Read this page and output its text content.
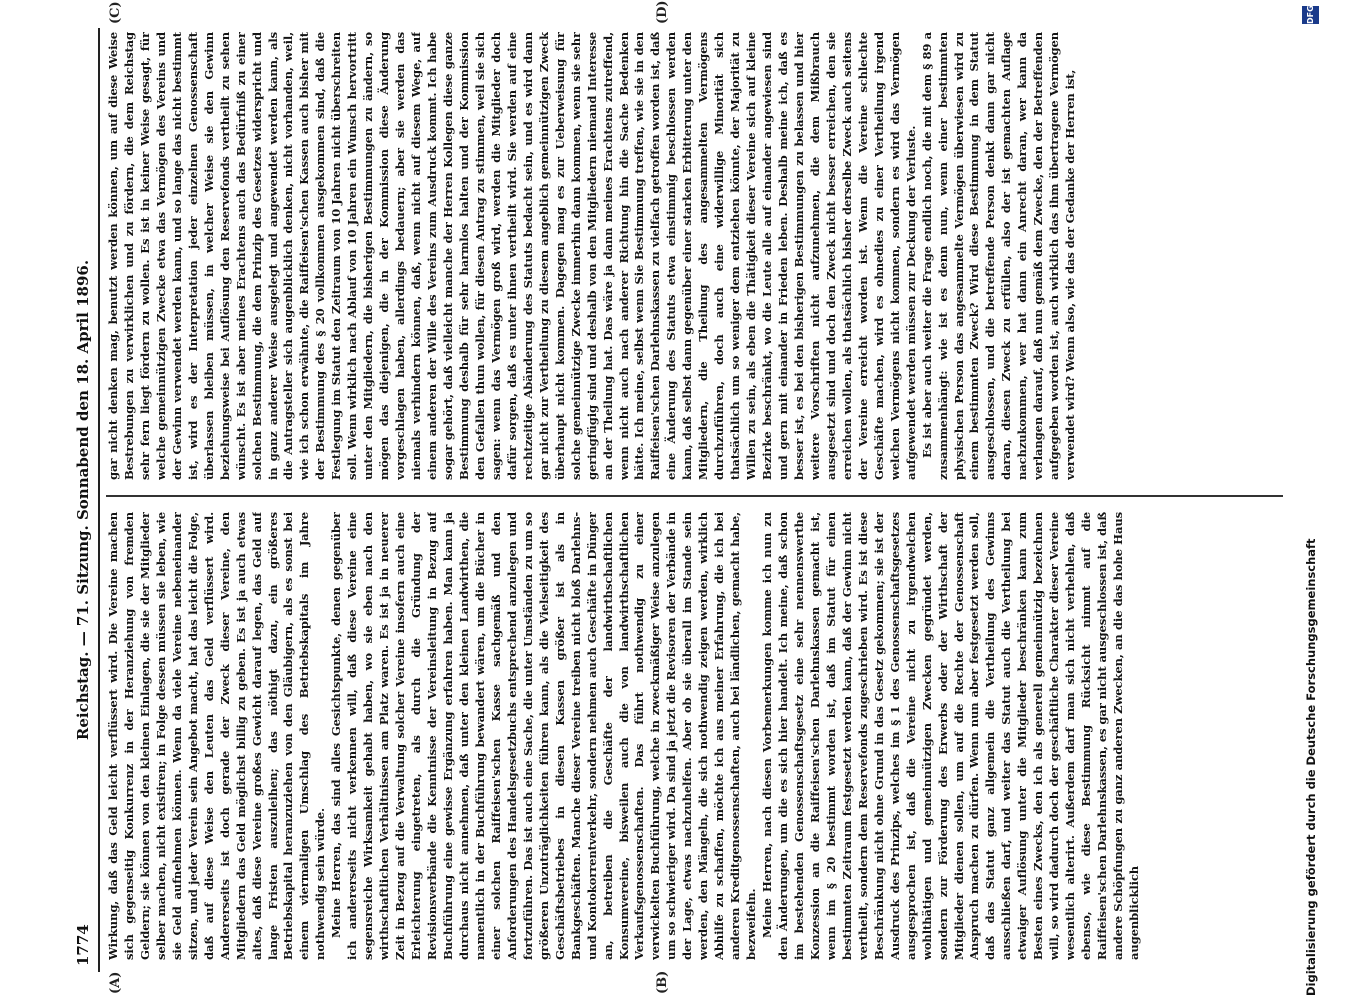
1774
Reichstag. — 71. Sitzung. Sonnabend den 18. April 1896.
(A)	(B)
(C)	(D)

Wirkung, daß das Geld leicht verflüssert wird. Die Vereine machen sich gegenseitig Konkurrenz in der Heranziehung von fremden Geldern; sie können von den kleinen Einlagen, die sie der Mitglieder selber machen, nicht existiren; in Folge dessen müssen sie leben, wie sie Geld aufnehmen können. Wenn da viele Vereine nebeneinander sitzen, und jeder Verein sein Angebot macht, hat das leicht die Folge, daß auf diese Weise den Leuten das Geld verflüssert wird. Andererseits ist doch gerade der Zweck dieser Vereine, den Mitgliedern das Geld möglichst billig zu geben. Es ist ja auch etwas altes, daß diese Vereine großes Gewicht darauf legen, das Geld auf lange Fristen auszuleihen; das nöthigt dazu, ein größeres Betriebskapital heranzuziehen von den Gläubigern, als es sonst bei einem viermaligen Umschlag des Betriebskapitals im Jahre nothwendig sein würde. Meine Herren, das sind alles Gesichtspunkte, denen gegenüber ich andererseits nicht verkennen will, daß diese Vereine eine segensreiche Wirksamkeit gehabt haben, wo sie eben nach den wirthschaftlichen Verhältnissen am Platz waren. Es ist ja in neuerer Zeit in Bezug auf die Verwaltung solcher Vereine insofern auch eine Erleichterung eingetreten, als durch die Gründung der Revisionsverbände die Kenntnisse der Vereinsleitung in Bezug auf Buchführung eine gewisse Ergänzung erfahren haben. Man kann ja durchaus nicht annehmen, daß unter den kleinen Landwirthen, die namentlich in der Buchführung bewandert wären, um die Bücher in einer solchen Raiffeisen'schen Kasse sachgemäß und den Anforderungen des Handelsgesetzbuchs entsprechend anzulegen und fortzuführen. Das ist auch eine Sache, die unter Umständen zu um so größeren Unzuträglichkeiten führen kann, als die Vielseitigkeit des Geschäftsbetriebes in diesen Kassen größer ist als in Bankgeschäften. Manche dieser Vereine treiben nicht bloß Darlehns- und Kontokorrentverkehr, sondern nehmen auch Geschäfte in Dünger an, betreiben die Geschäfte der landwirthschaftlichen Konsumvereine, bisweilen auch die von landwirthschaftlichen Verkaufsgenossenschaften. Das führt nothwendig zu einer verwickelten Buchführung, welche in zweckmäßiger Weise anzulegen um so schwieriger wird. Da sind ja jetzt die Revisoren der Verbände in der Lage, etwas nachzuhelfen. Aber ob sie überall im Stande sein werden, den Mängeln, die sich nothwendig zeigen werden, wirklich Abhilfe zu schaffen, möchte ich aus meiner Erfahrung, die ich bei anderen Kreditgenossenschaften, auch bei ländlichen, gemacht habe, bezweifeln. Meine Herren, nach diesen Vorbemerkungen komme ich nun zu den Änderungen, um die es sich hier handelt. Ich meine, daß schon im bestehenden Genossenschaftsgesetz eine sehr nennenswerthe Konzession an die Raiffeisen'schen Darlehnskassen gemacht ist, wenn im § 20 bestimmt worden ist, daß im Statut für einen bestimmten Zeitraum festgesetzt werden kann, daß der Gewinn nicht vertheilt, sondern dem Reservefonds zugeschrieben wird. Es ist diese Beschränkung nicht ohne Grund in das Gesetz gekommen; sie ist der Ausdruck des Prinzips, welches im § 1 des Genossenschaftsgesetzes ausgesprochen ist, daß die Vereine nicht zu irgendwelchen wohlthätigen und gemeinnützigen Zwecken gegründet werden, sondern zur Förderung des Erwerbs oder der Wirthschaft der Mitglieder dienen sollen, um auf die Rechte der Genossenschaft Anspruch machen zu dürfen. Wenn nun aber festgesetzt werden soll, daß das Statut ganz allgemein die Vertheilung des Gewinns ausschließen darf, und weiter das Statut auch die Vertheilung bei etwaiger Auflösung unter die Mitglieder beschränken kann zum Besten eines Zwecks, den ich als generell gemeinnützig bezeichnen will, so wird dadurch doch der geschäftliche Charakter dieser Vereine wesentlich alterirt. Außerdem darf man sich nicht verhehlen, daß ebenso, wie diese Bestimmung Rücksicht nimmt auf die Raiffeisen'schen Darlehnskassen, es gar nicht ausgeschlossen ist, daß andere Schöpfungen zu ganz anderen Zwecken, an die das hohe Haus augenblicklich

gar nicht denken mag, benutzt werden können, um auf diese Weise Bestrebungen zu verwirklichen und zu fördern, die dem Reichstag sehr fern liegt fördern zu wollen. Es ist in keiner Weise gesagt, für welche gemeinnützigen Zwecke etwa das Vermögen des Vereins und der Gewinn verwendet werden kann, und so lange das nicht bestimmt ist, wird es der Interpretation jeder einzelnen Genossenschaft überlassen bleiben müssen, in welcher Weise sie den Gewinn beziehungsweise bei Auflösung den Reservefonds vertheilt zu sehen wünscht. Es ist aber meines Erachtens auch das Bedürfniß zu einer solchen Bestimmung, die dem Prinzip des Gesetzes widerspricht und in ganz anderer Weise ausgelegt und angewendet werden kann, als die Antragsteller sich augenblicklich denken, nicht vorhanden, weil, wie ich schon erwähnte, die Raiffeisen'schen Kassen auch bisher mit der Bestimmung des § 20 vollkommen ausgekommen sind, daß die Festlegung im Statut den Zeitraum von 10 Jahren nicht überschreiten soll. Wenn wirklich nach Ablauf von 10 Jahren ein Wunsch hervortritt unter den Mitgliedern, die bisherigen Bestimmungen zu ändern, so mögen das diejenigen, die in der Kommission diese Änderung vorgeschlagen haben, allerdings bedauern; aber sie werden das niemals verhindern können, daß, wenn nicht auf diesem Wege, auf einem anderen der Wille des Vereins zum Ausdruck kommt. Ich habe sogar gehört, daß vielleicht manche der Herren Kollegen diese ganze Bestimmung deshalb für sehr harmlos halten und der Kommission den Gefallen thun wollen, für diesen Antrag zu stimmen, weil sie sich sagen: wenn das Vermögen groß wird, werden die Mitglieder doch dafür sorgen, daß es unter ihnen vertheilt wird. Sie werden auf eine rechtzeitige Abänderung des Statuts bedacht sein, und es wird dann gar nicht zur Vertheilung zu diesem angeblich gemeinnützigen Zweck überhaupt nicht kommen. Dagegen mag es zur Ueberweisung für solche gemeinnützige Zwecke immerhin dann kommen, wenn sie sehr geringfügig sind und deshalb von den Mitgliedern niemand Interesse an der Theilung hat. Das wäre ja dann meines Erachtens zutreffend, wenn nicht auch nach anderer Richtung hin die Sache Bedenken hätte. Ich meine, selbst wenn Sie Bestimmung treffen, wie sie in den Raiffeisen'schen Darlehnskassen zu vielfach getroffen worden ist, daß eine Änderung des Statuts etwa einstimmig beschlossen werden kann, daß selbst dann gegenüber einer starken Erbitterung unter den Mitgliedern, die Theilung des angesammelten Vermögens durchzuführen, doch auch eine widerwillige Minorität sich thatsächlich um so weniger dem entziehen könnte, der Majorität zu Willen zu sein, als eben die Thätigkeit dieser Vereine sich auf kleine Bezirke beschränkt, wo die Leute alle auf einander angewiesen sind und gern mit einander in Frieden leben. Deshalb meine ich, daß es besser ist, es bei den bisherigen Bestimmungen zu belassen und hier weitere Vorschriften nicht aufzunehmen, die dem Mißbrauch ausgesetzt sind und doch den Zweck nicht besser erreichen, den sie erreichen wollen, als thatsächlich bisher derselbe Zweck auch seitens der Vereine erreicht worden ist. Wenn die Vereine schlechte Geschäfte machen, wird es ohnedies zu einer Vertheilung irgend welchen Vermögens nicht kommen, sondern es wird das Vermögen aufgewendet werden müssen zur Deckung der Verluste. Es ist aber auch weiter die Frage endlich noch, die mit dem § 89 a zusammenhängt: wie ist es denn nun, wenn einer bestimmten physischen Person das angesammelte Vermögen überwiesen wird zu einem bestimmten Zweck? Wird diese Bestimmung in dem Statut ausgeschlossen, und die betreffende Person denkt dann gar nicht daran, diesen Zweck zu erfüllen, also der ist gemachten Auflage nachzukommen, wer hat dann ein Anrecht daran, wer kann da verlangen darauf, daß nun gemäß dem Zwecke, den der Betreffenden aufgegeben worden ist, auch wirklich das ihm übertragene Vermögen verwendet wird? Wenn also, wie das der Gedanke der Herren ist,

Digitalisierung gefördert durch die Deutsche Forschungsgemeinschaft
DFG
